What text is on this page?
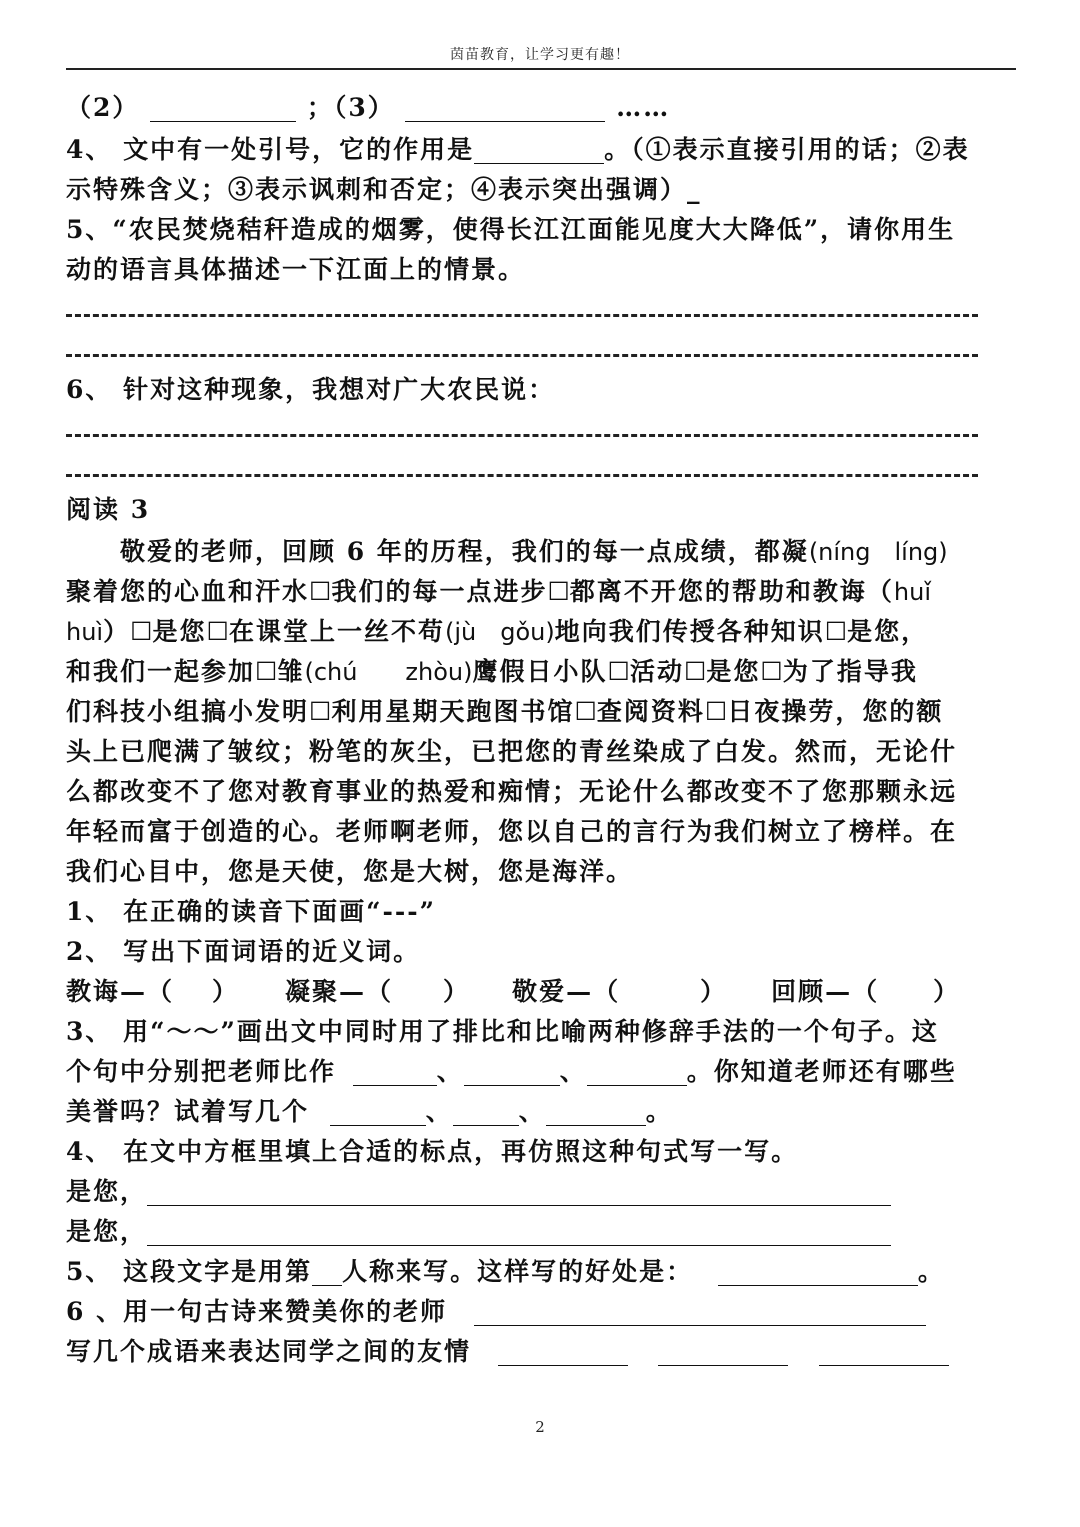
茵苗教育，让学习更有趣！
（2）	；（3）	……
4、 文中有一处引号，它的作用是	。（①表示直接引用的话；②表
示特殊含义；③表示讽刺和否定；④表示突出强调）_
5、“农民焚烧秸秆造成的烟雾，使得长江江面能见度大大降低”，请你用生
动的语言具体描述一下江面上的情景。
6、 针对这种现象，我想对广大农民说：
阅读 3
　　敬爱的老师，回顾 6 年的历程，我们的每一点成绩，都凝(níng　líng)
聚着您的心血和汗水☐我们的每一点进步☐都离不开您的帮助和教诲（huǐ
huì）☐是您☐在课堂上一丝不苟(jù　gǒu)地向我们传授各种知识☐是您，
和我们一起参加☐雏(chú　　zhòu)鹰假日小队☐活动☐是您☐为了指导我
们科技小组搞小发明☐利用星期天跑图书馆☐查阅资料☐日夜操劳，您的额
头上已爬满了皱纹；粉笔的灰尘，已把您的青丝染成了白发。然而，无论什
么都改变不了您对教育事业的热爱和痴情；无论什么都改变不了您那颗永远
年轻而富于创造的心。老师啊老师，您以自己的言行为我们树立了榜样。在
我们心目中，您是天使，您是大树，您是海洋。
1、 在正确的读音下面画“---”
2、 写出下面词语的近义词。
教诲—（ ） 凝聚—（ ） 敬爱—（	） 回顾—（ ）
3、 用“～～”画出文中同时用了排比和比喻两种修辞手法的一个句子。这
个句中分别把老师比作	、	、	。你知道老师还有哪些
美誉吗？试着写几个	、	、	。
4、 在文中方框里填上合适的标点，再仿照这种句式写一写。
是您，
是您，
5、 这段文字是用第 人称来写。这样写的好处是：	。
6 、用一句古诗来赞美你的老师
写几个成语来表达同学之间的友情
2
